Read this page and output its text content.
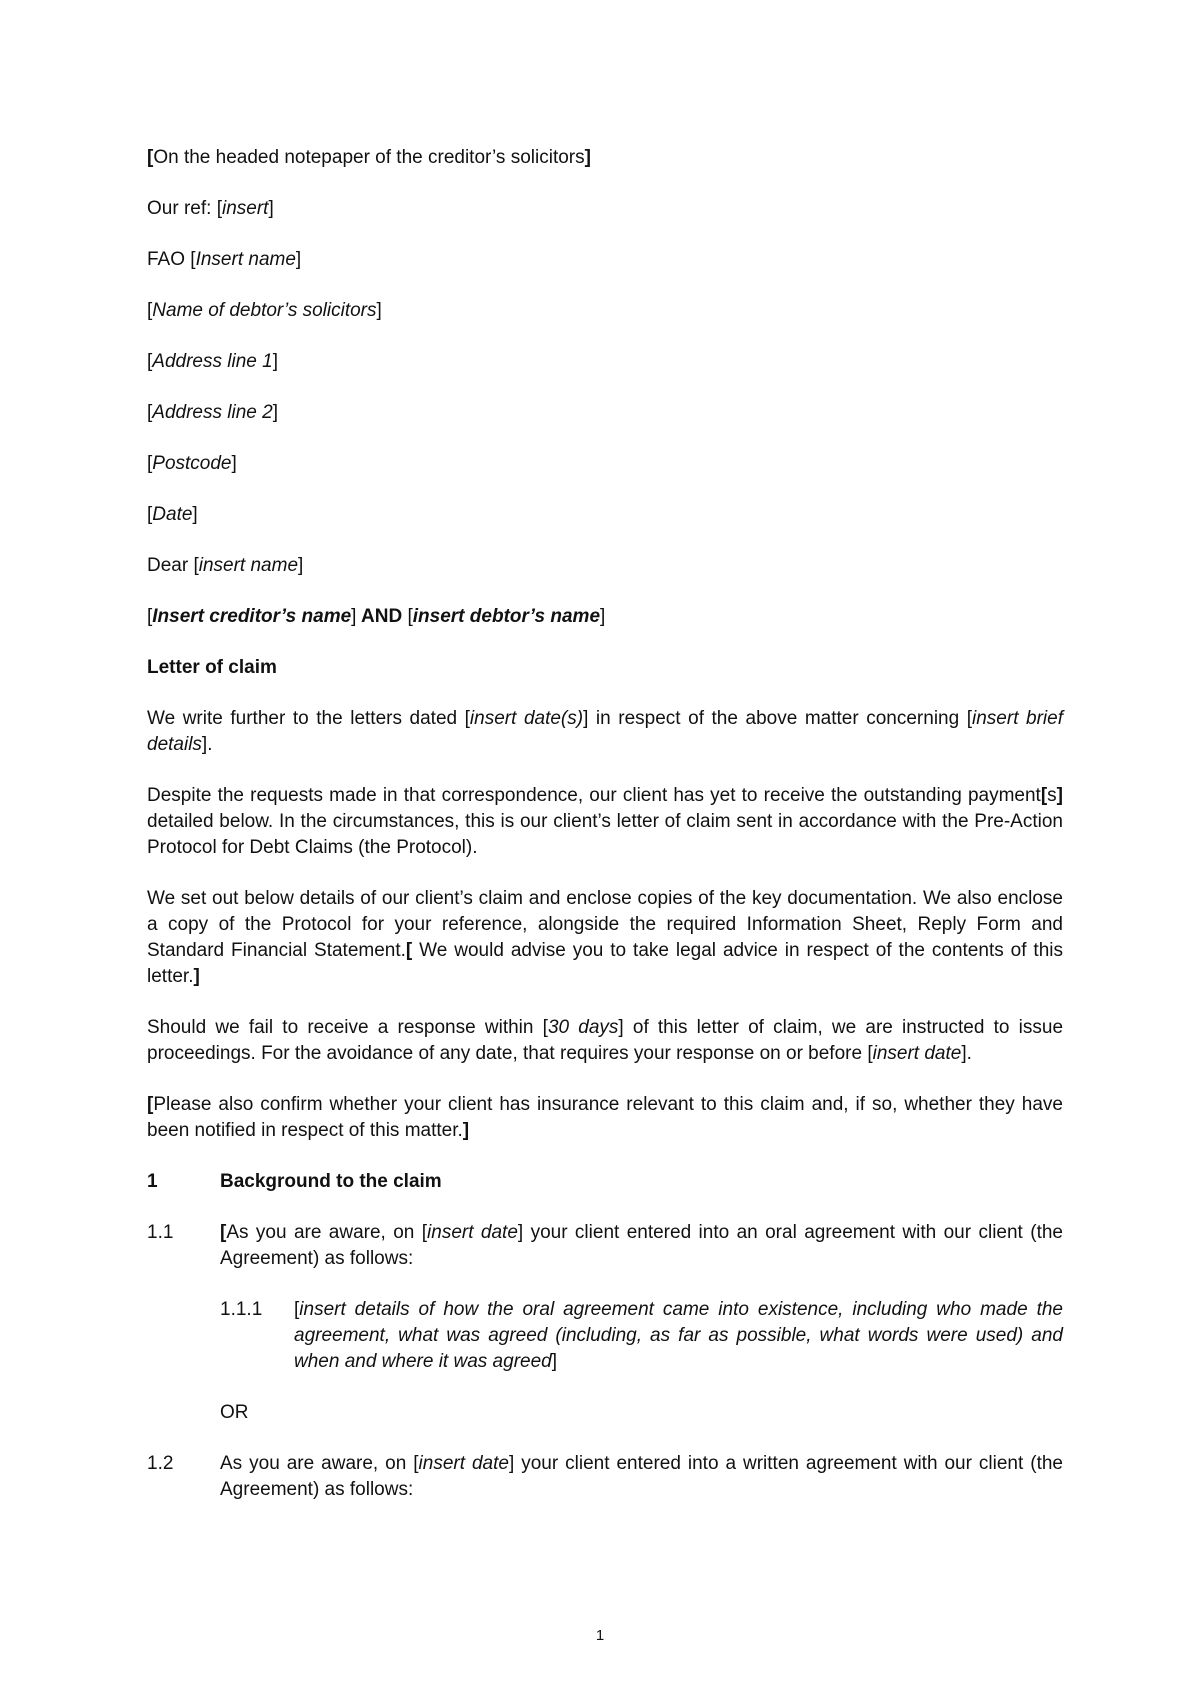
[On the headed notepaper of the creditor’s solicitors]

Our ref: [insert]

FAO [Insert name]

[Name of debtor’s solicitors]

[Address line 1]

[Address line 2]

[Postcode]

[Date]

Dear [insert name]

[Insert creditor’s name] AND [insert debtor’s name]

Letter of claim

We write further to the letters dated [insert date(s)] in respect of the above matter concerning [insert brief details].

Despite the requests made in that correspondence, our client has yet to receive the outstanding payment[s] detailed below. In the circumstances, this is our client’s letter of claim sent in accordance with the Pre-Action Protocol for Debt Claims (the Protocol).

We set out below details of our client’s claim and enclose copies of the key documentation. We also enclose a copy of the Protocol for your reference, alongside the required Information Sheet, Reply Form and Standard Financial Statement.[ We would advise you to take legal advice in respect of the contents of this letter.]

Should we fail to receive a response within [30 days] of this letter of claim, we are instructed to issue proceedings. For the avoidance of any date, that requires your response on or before [insert date].

[Please also confirm whether your client has insurance relevant to this claim and, if so, whether they have been notified in respect of this matter.]

1	Background to the claim
1.1	[As you are aware, on [insert date] your client entered into an oral agreement with our client (the Agreement) as follows:
1.1.1	[insert details of how the oral agreement came into existence, including who made the agreement, what was agreed (including, as far as possible, what words were used) and when and where it was agreed]

OR

1.2	As you are aware, on [insert date] your client entered into a written agreement with our client (the Agreement) as follows:
1
